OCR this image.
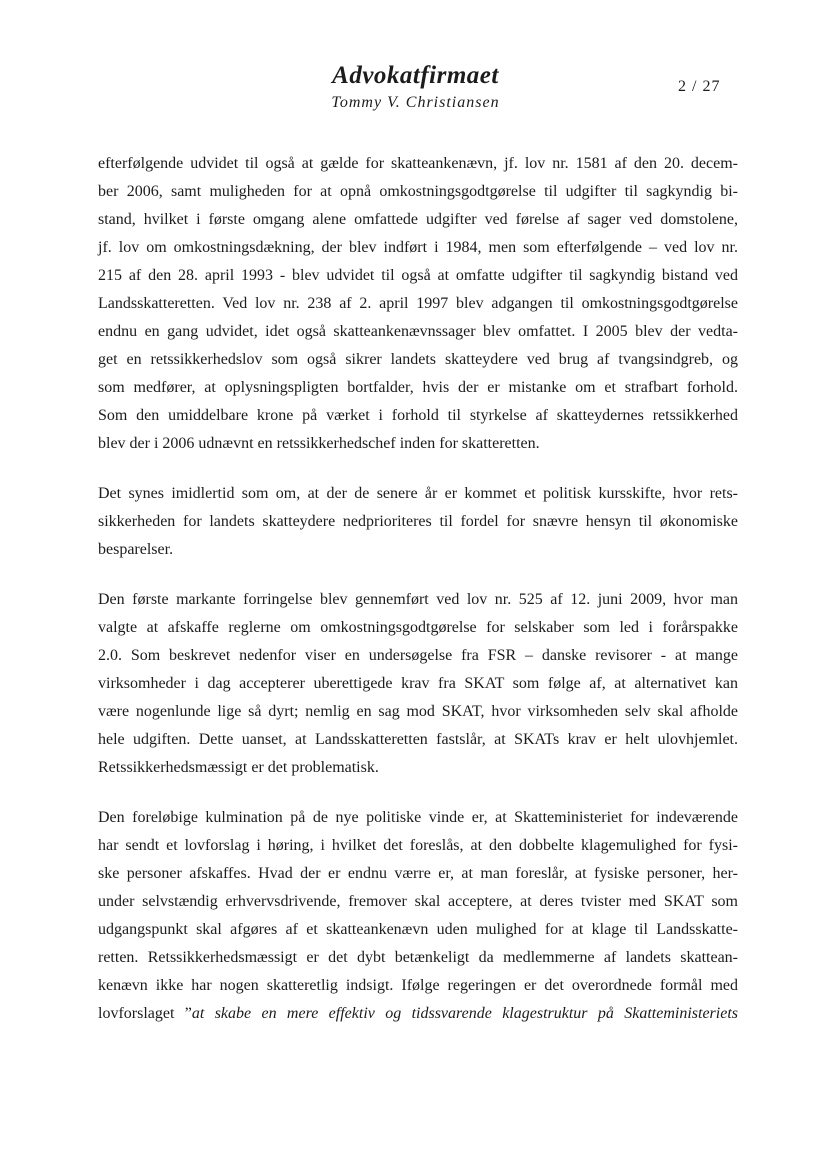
Advokatfirmaet
Tommy V. Christiansen
2 / 27
efterfølgende udvidet til også at gælde for skatteankenævn, jf. lov nr. 1581 af den 20. decem-
ber 2006, samt muligheden for at opnå omkostningsgodtgørelse til udgifter til sagkyndig bi-
stand, hvilket i første omgang alene omfattede udgifter ved førelse af sager ved domstolene,
jf. lov om omkostningsdækning, der blev indført i 1984, men som efterfølgende – ved lov nr.
215 af den 28. april 1993 - blev udvidet til også at omfatte udgifter til sagkyndig bistand ved
Landsskatteretten. Ved lov nr. 238 af 2. april 1997 blev adgangen til omkostningsgodtgørelse
endnu en gang udvidet, idet også skatteankenævnssager blev omfattet. I 2005 blev der vedta-
get en retssikkerhedslov som også sikrer landets skatteydere ved brug af tvangsindgreb, og
som medfører, at oplysningspligten bortfalder, hvis der er mistanke om et strafbart forhold.
Som den umiddelbare krone på værket i forhold til styrkelse af skatteydernes retssikkerhed
blev der i 2006 udnævnt en retssikkerhedschef inden for skatteretten.
Det synes imidlertid som om, at der de senere år er kommet et politisk kursskifte, hvor rets-
sikkerheden for landets skatteydere nedprioriteres til fordel for snævre hensyn til økonomiske
besparelser.
Den første markante forringelse blev gennemført ved lov nr. 525 af 12. juni 2009, hvor man
valgte at afskaffe reglerne om omkostningsgodtgørelse for selskaber som led i forårspakke
2.0. Som beskrevet nedenfor viser en undersøgelse fra FSR – danske revisorer - at mange
virksomheder i dag accepterer uberettigede krav fra SKAT som følge af, at alternativet kan
være nogenlunde lige så dyrt; nemlig en sag mod SKAT, hvor virksomheden selv skal afholde
hele udgiften. Dette uanset, at Landsskatteretten fastslår, at SKATs krav er helt ulovhjemlet.
Retssikkerhedsmæssigt er det problematisk.
Den foreløbige kulmination på de nye politiske vinde er, at Skatteministeriet for indeværende
har sendt et lovforslag i høring, i hvilket det foreslås, at den dobbelte klagemulighed for fysi-
ske personer afskaffes. Hvad der er endnu værre er, at man foreslår, at fysiske personer, her-
under selvstændig erhvervsdrivende, fremover skal acceptere, at deres tvister med SKAT som
udgangspunkt skal afgøres af et skatteankenævn uden mulighed for at klage til Landsskatte-
retten. Retssikkerhedsmæssigt er det dybt betænkeligt da medlemmerne af landets skattean-
kenævn ikke har nogen skatteretlig indsigt. Ifølge regeringen er det overordnede formål med
lovforslaget ”at skabe en mere effektiv og tidssvarende klagestruktur på Skatteministeriets
